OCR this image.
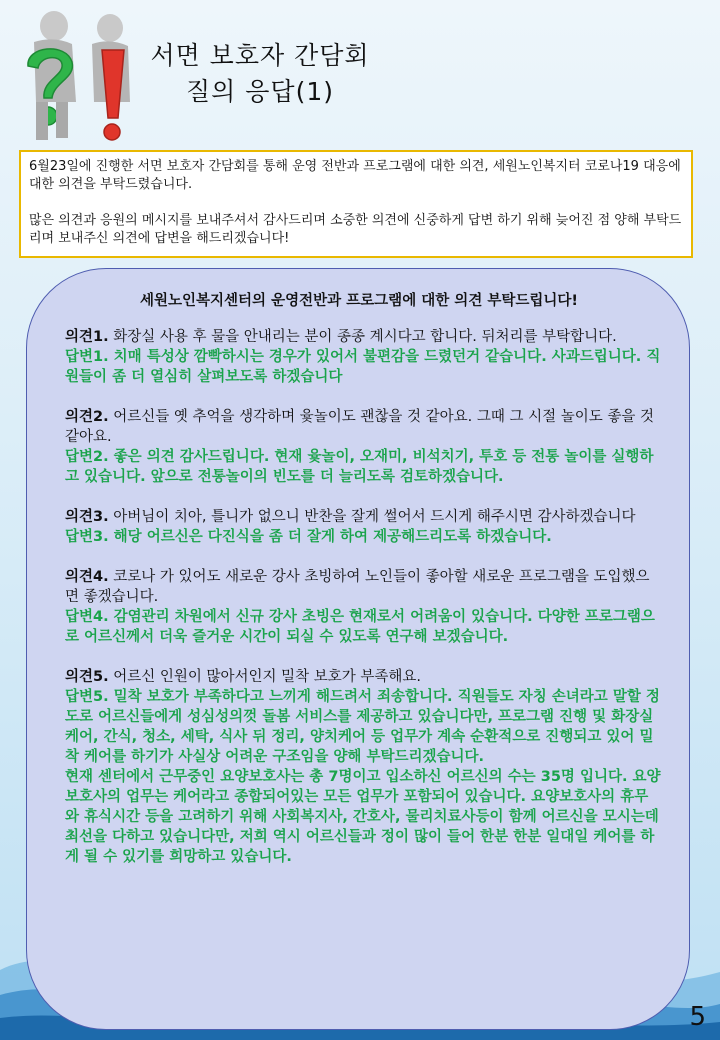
서면 보호자 간담회
질의 응답(1)

6월23일에 진행한 서면 보호자 간담회를 통해 운영 전반과 프로그램에 대한 의견, 세원노인복지터 코로나19 대응에 대한 의견을 부탁드렸습니다.

많은 의견과 응원의 메시지를 보내주셔서 감사드리며 소중한 의견에 신중하게 답변 하기 위해 늦어진 점 양해 부탁드리며 보내주신 의견에 답변을 해드리겠습니다!

세원노인복지센터의 운영전반과 프로그램에 대한 의견 부탁드립니다!

의견1. 화장실 사용 후 물을 안내리는 분이 종종 계시다고 합니다. 뒤처리를 부탁합니다.

답변1. 치매 특성상 깜빡하시는 경우가 있어서 불편감을 드렸던거 같습니다. 사과드립니다. 직원들이 좀 더 열심히 살펴보도록 하겠습니다

의견2. 어르신들 옛 추억을 생각하며 윷놀이도 괜찮을 것 같아요. 그때 그 시절 놀이도 좋을 것 같아요.

답변2. 좋은 의견 감사드립니다. 현재 윷놀이, 오재미, 비석치기, 투호 등 전통 놀이를 실행하고 있습니다. 앞으로 전통놀이의 빈도를 더 늘리도록 검토하겠습니다.

의견3. 아버님이 치아, 틀니가 없으니 반찬을 잘게 썰어서 드시게 해주시면 감사하겠습니다

답변3. 해당 어르신은 다진식을 좀 더 잘게 하여 제공해드리도록 하겠습니다.

의견4. 코로나 가 있어도 새로운 강사 초빙하여 노인들이 좋아할 새로운 프로그램을 도입했으면 좋겠습니다.

답변4. 감염관리 차원에서 신규 강사 초빙은 현재로서 어려움이 있습니다. 다양한 프로그램으로 어르신께서 더욱 즐거운 시간이 되실 수 있도록 연구해 보겠습니다.

의견5. 어르신 인원이 많아서인지 밀착 보호가 부족해요.

답변5. 밀착 보호가 부족하다고 느끼게 해드려서 죄송합니다. 직원들도 자칭 손녀라고 말할 정도로 어르신들에게 성심성의껏 돌봄 서비스를 제공하고 있습니다만, 프로그램 진행 및 화장실케어, 간식, 청소, 세탁, 식사 뒤 정리, 양치케어 등 업무가 계속 순환적으로 진행되고 있어 밀착 케어를 하기가 사실상 어려운 구조임을 양해 부탁드리겠습니다.

현재 센터에서 근무중인 요양보호사는 총 7명이고 입소하신 어르신의 수는 35명 입니다. 요양보호사의 업무는 케어라고 종합되어있는 모든 업무가 포함되어 있습니다. 요양보호사의 휴무와 휴식시간 등을 고려하기 위해 사회복지사, 간호사, 물리치료사등이 함께 어르신을 모시는데 최선을 다하고 있습니다만, 저희 역시 어르신들과 정이 많이 들어 한분 한분 일대일 케어를 하게 될 수 있기를 희망하고 있습니다.

5
